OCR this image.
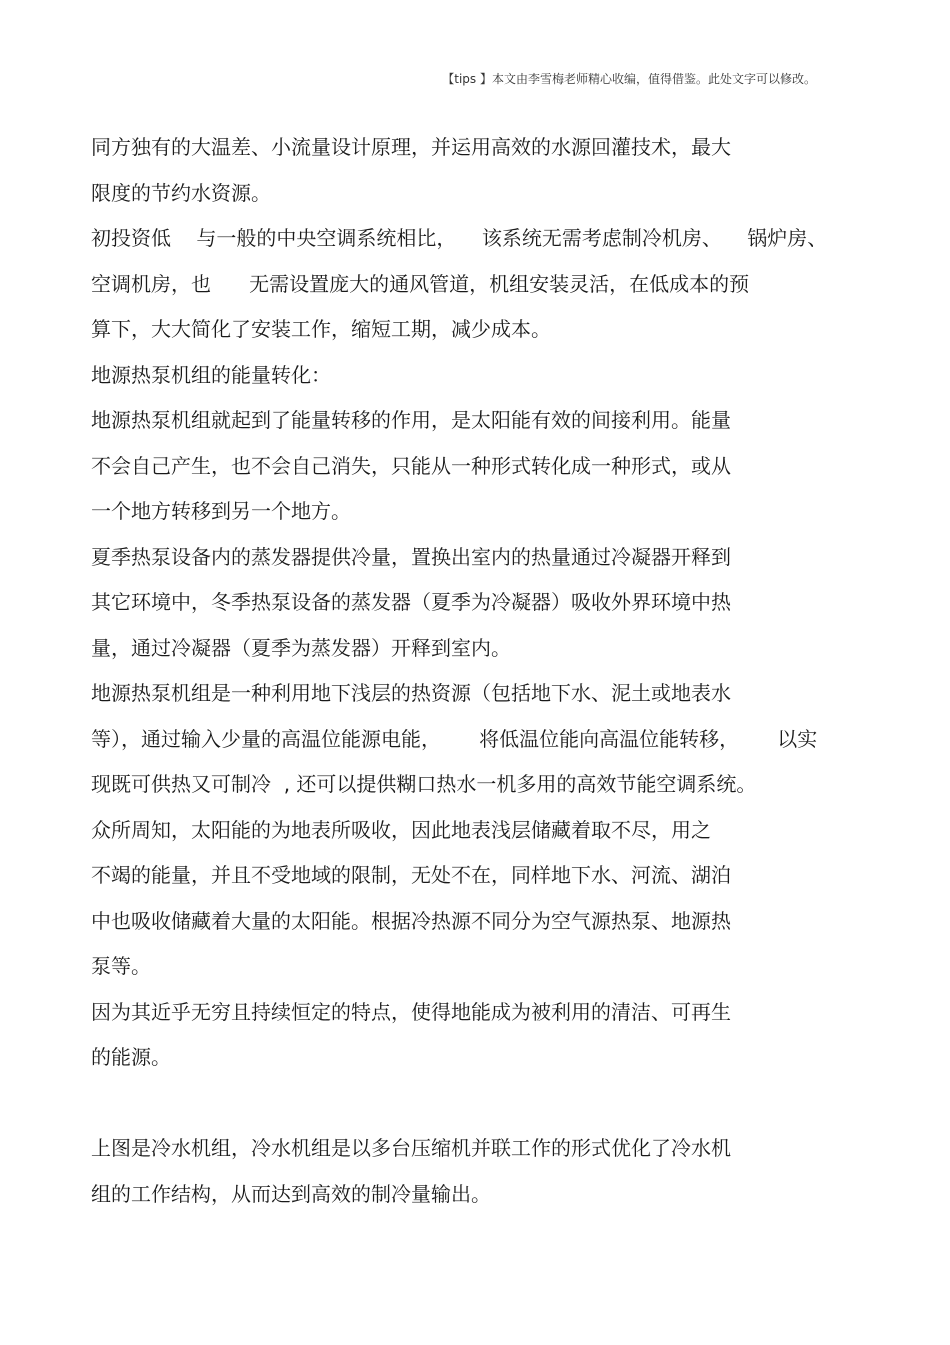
【tips 】本文由李雪梅老师精心收编，值得借鉴。此处文字可以修改。
同方独有的大温差、小流量设计原理，并运用高效的水源回灌技术，最大
限度的节约水资源。
初投资低    与一般的中央空调系统相比，    该系统无需考虑制冷机房、    锅炉房、
空调机房，也      无需设置庞大的通风管道，机组安装灵活，在低成本的预
算下，大大简化了安装工作，缩短工期，减少成本。
地源热泵机组的能量转化：
地源热泵机组就起到了能量转移的作用，是太阳能有效的间接利用。能量
不会自己产生，也不会自己消失，只能从一种形式转化成一种形式，或从
一个地方转移到另一个地方。
夏季热泵设备内的蒸发器提供冷量，置换出室内的热量通过冷凝器开释到
其它环境中，冬季热泵设备的蒸发器（夏季为冷凝器）吸收外界环境中热
量，通过冷凝器（夏季为蒸发器）开释到室内。
地源热泵机组是一种利用地下浅层的热资源（包括地下水、泥土或地表水
等），通过输入少量的高温位能源电能，      将低温位能向高温位能转移，      以实
现既可供热又可制冷  , 还可以提供糊口热水一机多用的高效节能空调系统。
众所周知，太阳能的为地表所吸收，因此地表浅层储藏着取不尽，用之
不竭的能量，并且不受地域的限制，无处不在，同样地下水、河流、湖泊
中也吸收储藏着大量的太阳能。根据冷热源不同分为空气源热泵、地源热
泵等。
因为其近乎无穷且持续恒定的特点，使得地能成为被利用的清洁、可再生
的能源。
上图是冷水机组，冷水机组是以多台压缩机并联工作的形式优化了冷水机
组的工作结构，从而达到高效的制冷量输出。
